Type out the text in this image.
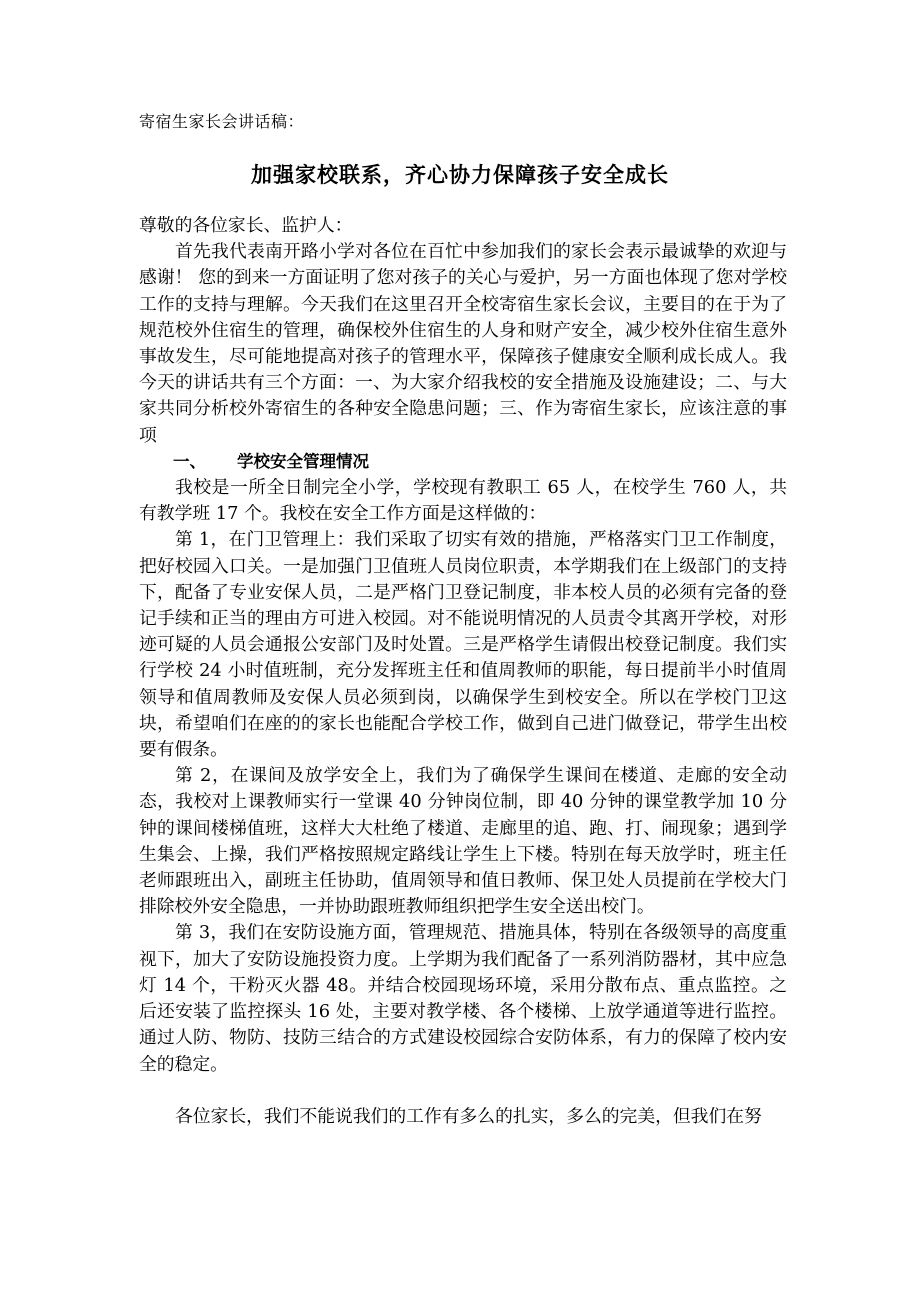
寄宿生家长会讲话稿：
加强家校联系，齐心协力保障孩子安全成长

尊敬的各位家长、监护人：

首先我代表南开路小学对各位在百忙中参加我们的家长会表示最诚挚的欢迎与感谢！ 您的到来一方面证明了您对孩子的关心与爱护，另一方面也体现了您对学校工作的支持与理解。今天我们在这里召开全校寄宿生家长会议，主要目的在于为了规范校外住宿生的管理，确保校外住宿生的人身和财产安全，减少校外住宿生意外事故发生，尽可能地提高对孩子的管理水平，保障孩子健康安全顺利成长成人。我今天的讲话共有三个方面：一、为大家介绍我校的安全措施及设施建设；二、与大家共同分析校外寄宿生的各种安全隐患问题；三、作为寄宿生家长，应该注意的事项

一、 学校安全管理情况

我校是一所全日制完全小学，学校现有教职工 65 人，在校学生 760 人，共有教学班 17 个。我校在安全工作方面是这样做的：

第 1，在门卫管理上：我们采取了切实有效的措施，严格落实门卫工作制度，把好校园入口关。一是加强门卫值班人员岗位职责，本学期我们在上级部门的支持下，配备了专业安保人员，二是严格门卫登记制度，非本校人员的必须有完备的登记手续和正当的理由方可进入校园。对不能说明情况的人员责令其离开学校，对形迹可疑的人员会通报公安部门及时处置。三是严格学生请假出校登记制度。我们实行学校 24 小时值班制，充分发挥班主任和值周教师的职能，每日提前半小时值周领导和值周教师及安保人员必须到岗，以确保学生到校安全。所以在学校门卫这块，希望咱们在座的的家长也能配合学校工作，做到自己进门做登记，带学生出校要有假条。

第 2，在课间及放学安全上，我们为了确保学生课间在楼道、走廊的安全动态，我校对上课教师实行一堂课 40 分钟岗位制，即 40 分钟的课堂教学加 10 分钟的课间楼梯值班，这样大大杜绝了楼道、走廊里的追、跑、打、闹现象；遇到学生集会、上操，我们严格按照规定路线让学生上下楼。特别在每天放学时，班主任老师跟班出入，副班主任协助，值周领导和值日教师、保卫处人员提前在学校大门排除校外安全隐患，一并协助跟班教师组织把学生安全送出校门。

第 3，我们在安防设施方面，管理规范、措施具体，特别在各级领导的高度重视下，加大了安防设施投资力度。上学期为我们配备了一系列消防器材，其中应急灯 14 个，干粉灭火器 48。并结合校园现场环境，采用分散布点、重点监控。之后还安装了监控探头 16 处，主要对教学楼、各个楼梯、上放学通道等进行监控。通过人防、物防、技防三结合的方式建设校园综合安防体系，有力的保障了校内安全的稳定。

各位家长，我们不能说我们的工作有多么的扎实，多么的完美，但我们在努
